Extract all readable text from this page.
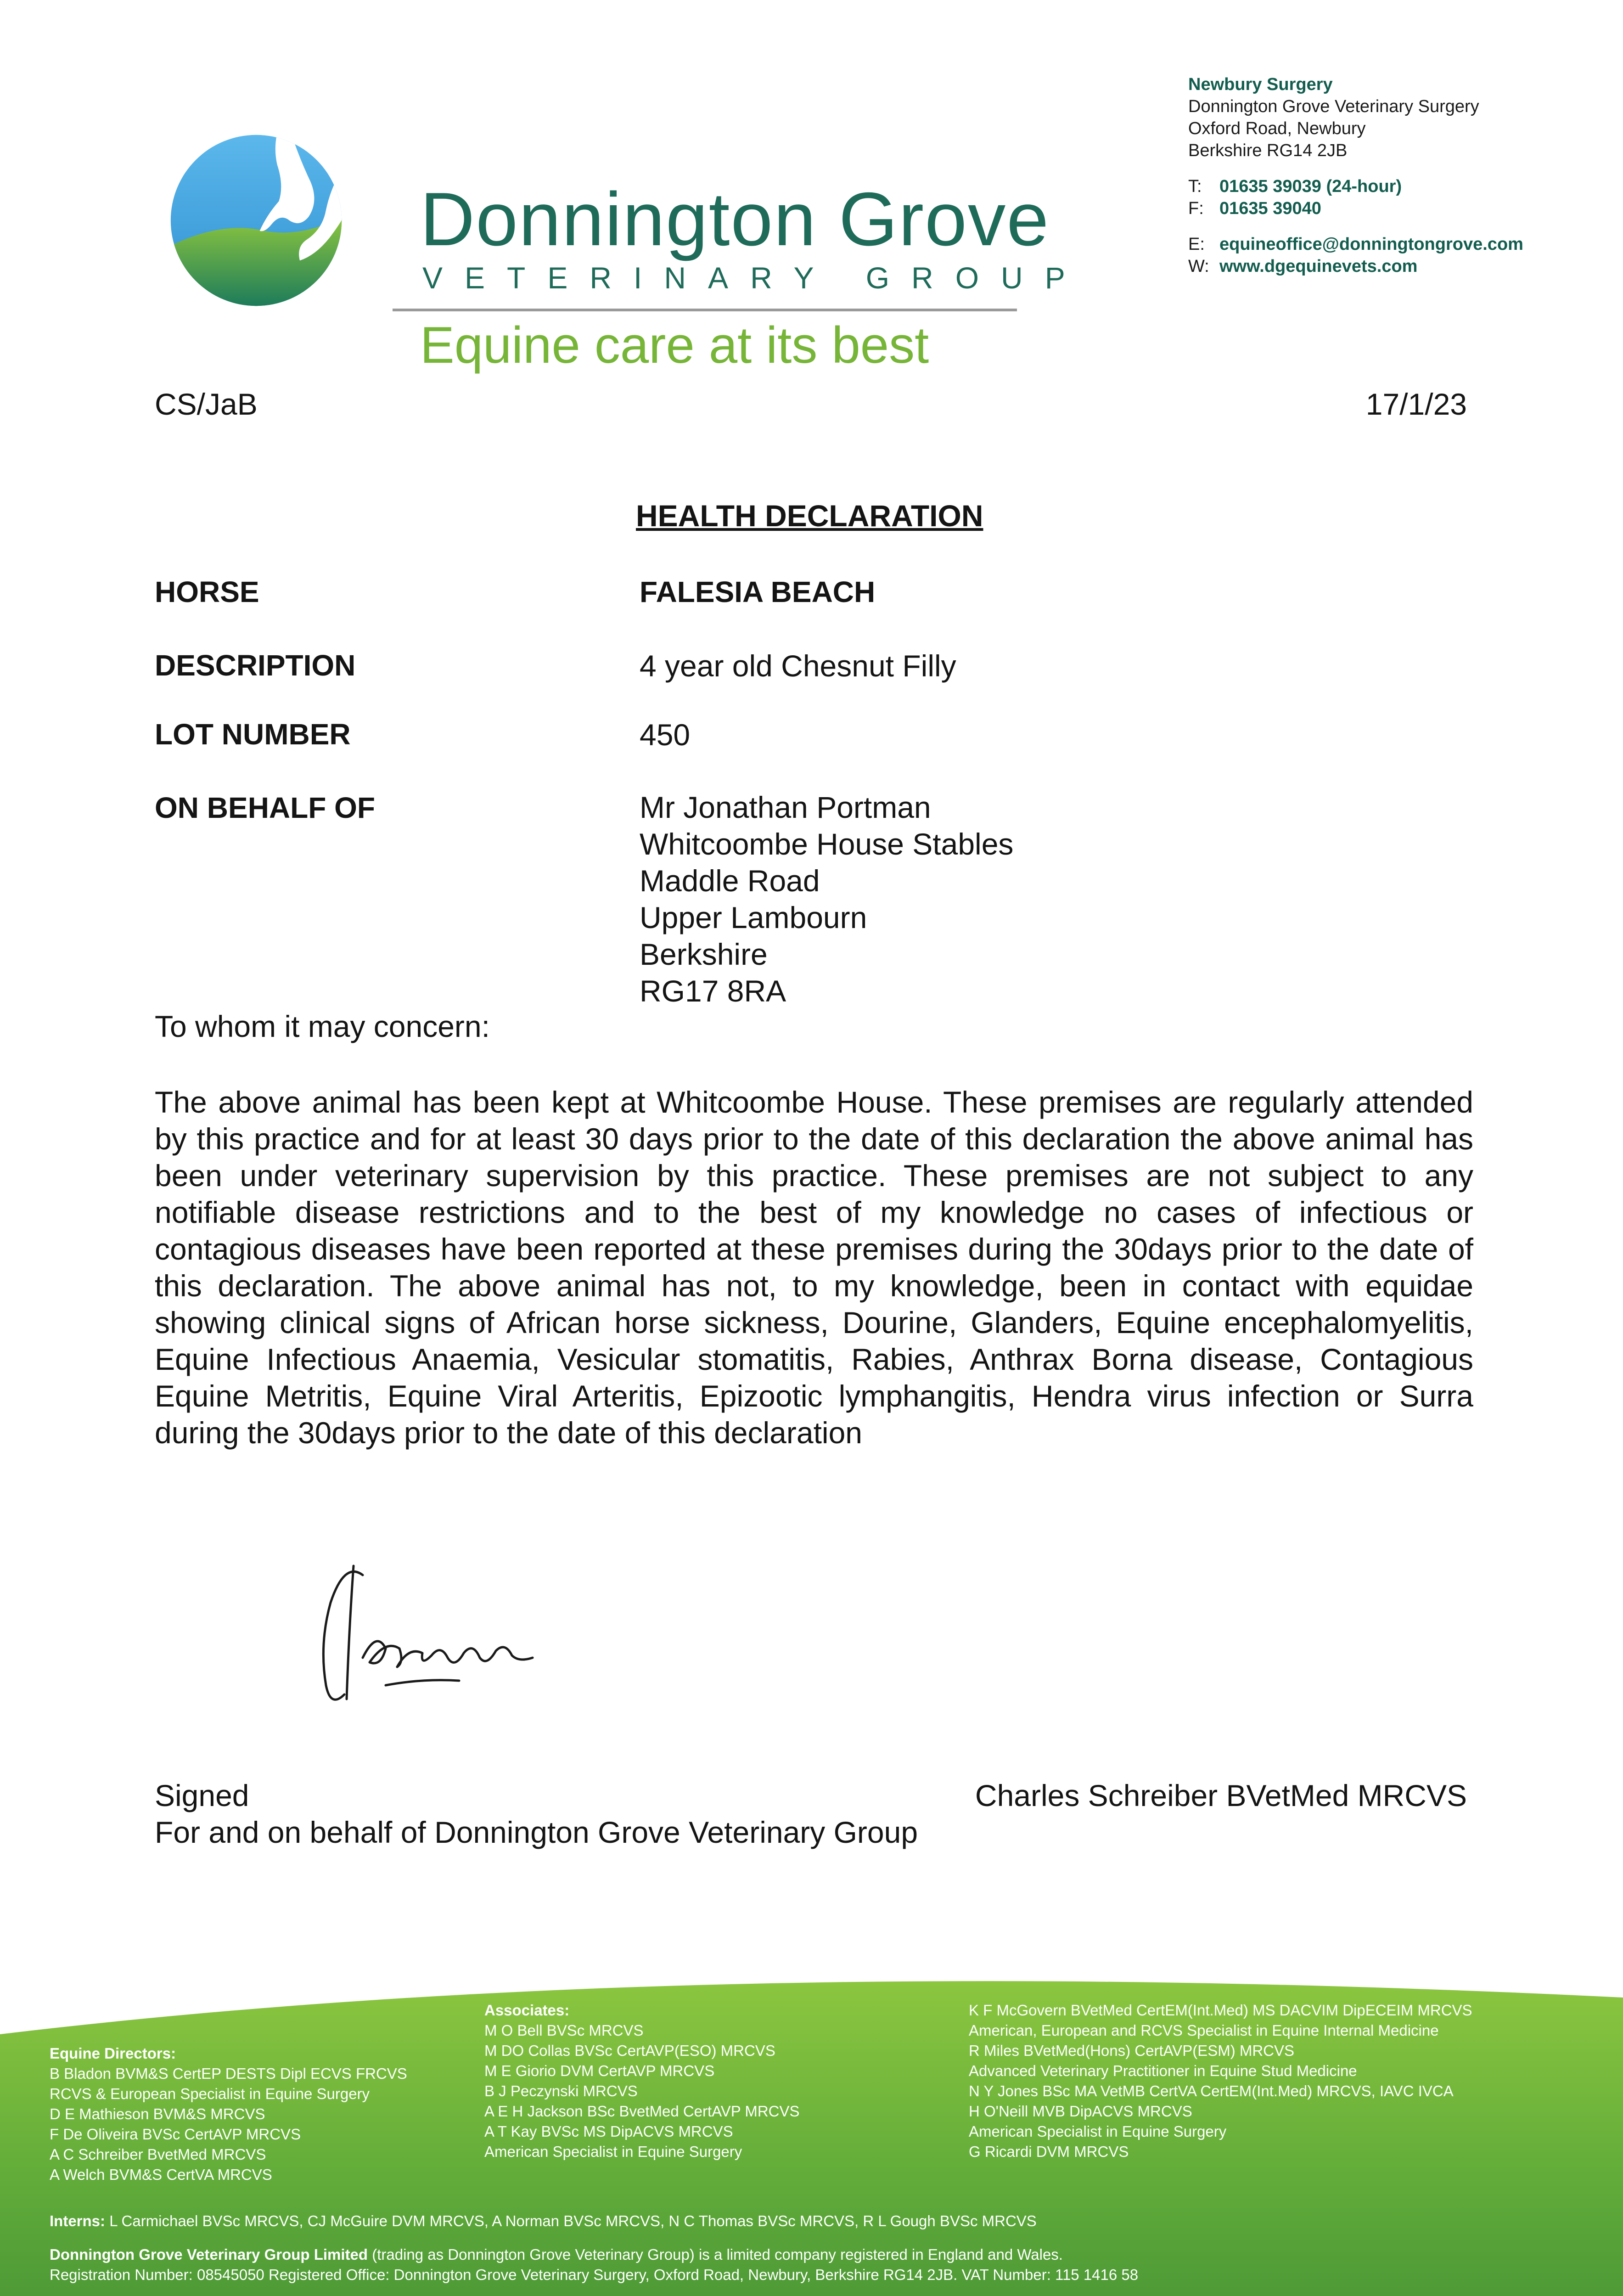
Donnington Grove
VETERINARY GROUP
Equine care at its best
Newbury Surgery
Donnington Grove Veterinary Surgery
Oxford Road, Newbury
Berkshire RG14 2JB
T: 01635 39039 (24-hour)
F: 01635 39040
E: equineoffice@donningtongrove.com
W: www.dgequinevets.com
CS/JaB	17/1/23
HEALTH DECLARATION
HORSE	FALESIA BEACH
DESCRIPTION	4 year old Chesnut Filly
LOT NUMBER	450
ON BEHALF OF	Mr Jonathan Portman
Whitcoombe House Stables
Maddle Road
Upper Lambourn
Berkshire
RG17 8RA
To whom it may concern:
The above animal has been kept at Whitcoombe House. These premises are regularly attended by this practice and for at least 30 days prior to the date of this declaration the above animal has been under veterinary supervision by this practice. These premises are not subject to any notifiable disease restrictions and to the best of my knowledge no cases of infectious or contagious diseases have been reported at these premises during the 30days prior to the date of this declaration. The above animal has not, to my knowledge, been in contact with equidae showing clinical signs of African horse sickness, Dourine, Glanders, Equine encephalomyelitis, Equine Infectious Anaemia, Vesicular stomatitis, Rabies, Anthrax Borna disease, Contagious Equine Metritis, Equine Viral Arteritis, Epizootic lymphangitis, Hendra virus infection or Surra during the 30days prior to the date of this declaration
Signed	Charles Schreiber BVetMed MRCVS
For and on behalf of Donnington Grove Veterinary Group
Equine Directors:
B Bladon BVM&S CertEP DESTS Dipl ECVS FRCVS
RCVS & European Specialist in Equine Surgery
D E Mathieson BVM&S MRCVS
F De Oliveira BVSc CertAVP MRCVS
A C Schreiber BvetMed MRCVS
A Welch BVM&S CertVA MRCVS
Associates:
M O Bell BVSc MRCVS
M DO Collas BVSc CertAVP(ESO) MRCVS
M E Giorio DVM CertAVP MRCVS
B J Peczynski MRCVS
A E H Jackson BSc BvetMed CertAVP MRCVS
A T Kay BVSc MS DipACVS MRCVS
American Specialist in Equine Surgery
K F McGovern BVetMed CertEM(Int.Med) MS DACVIM DipECEIM MRCVS
American, European and RCVS Specialist in Equine Internal Medicine
R Miles BVetMed(Hons) CertAVP(ESM) MRCVS
Advanced Veterinary Practitioner in Equine Stud Medicine
N Y Jones BSc MA VetMB CertVA CertEM(Int.Med) MRCVS, IAVC IVCA
H O'Neill MVB DipACVS MRCVS
American Specialist in Equine Surgery
G Ricardi DVM MRCVS
Interns: L Carmichael BVSc MRCVS, CJ McGuire DVM MRCVS, A Norman BVSc MRCVS, N C Thomas BVSc MRCVS, R L Gough BVSc MRCVS
Donnington Grove Veterinary Group Limited (trading as Donnington Grove Veterinary Group) is a limited company registered in England and Wales.
Registration Number: 08545050 Registered Office: Donnington Grove Veterinary Surgery, Oxford Road, Newbury, Berkshire RG14 2JB. VAT Number: 115 1416 58
